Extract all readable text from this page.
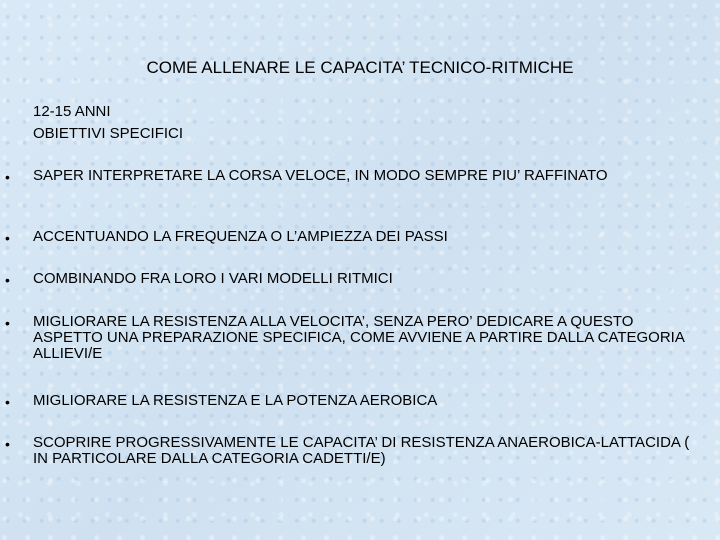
COME ALLENARE LE CAPACITA’ TECNICO-RITMICHE
12-15 ANNI
OBIETTIVI SPECIFICI
• SAPER INTERPRETARE LA CORSA VELOCE, IN MODO SEMPRE PIU’ RAFFINATO
• ACCENTUANDO LA FREQUENZA O L’AMPIEZZA DEI PASSI
• COMBINANDO FRA LORO I VARI MODELLI RITMICI
• MIGLIORARE LA RESISTENZA ALLA VELOCITA’, SENZA PERO’ DEDICARE A QUESTO ASPETTO UNA PREPARAZIONE SPECIFICA, COME AVVIENE A PARTIRE DALLA CATEGORIA ALLIEVI/E
• MIGLIORARE LA RESISTENZA E LA POTENZA AEROBICA
• SCOPRIRE PROGRESSIVAMENTE LE CAPACITA’ DI RESISTENZA ANAEROBICA-LATTACIDA ( IN PARTICOLARE DALLA CATEGORIA CADETTI/E)
